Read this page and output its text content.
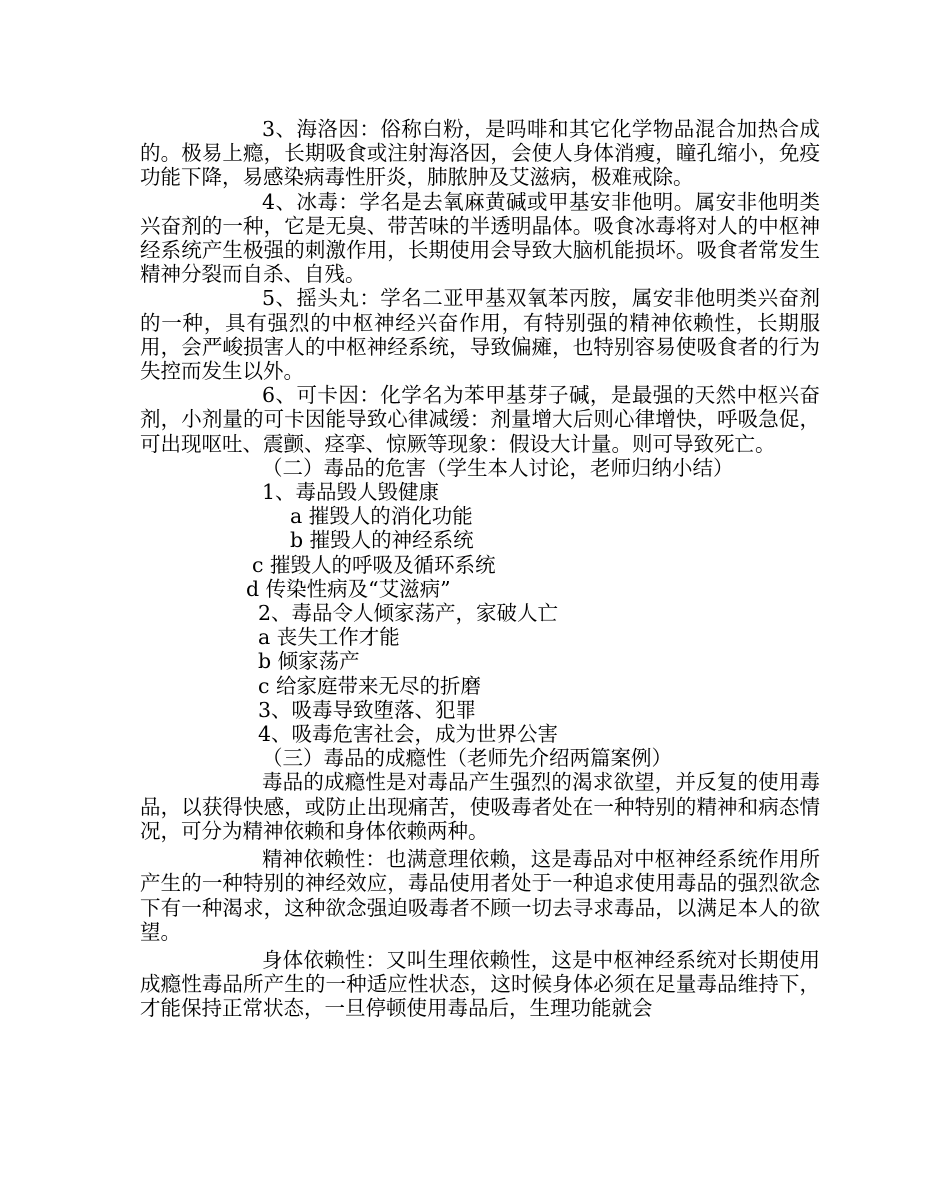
3、海洛因：俗称白粉，是吗啡和其它化学物品混合加热合成的。极易上瘾，长期吸食或注射海洛因，会使人身体消瘦，瞳孔缩小，免疫功能下降，易感染病毒性肝炎，肺脓肿及艾滋病，极难戒除。

4、冰毒：学名是去氧麻黄碱或甲基安非他明。属安非他明类兴奋剂的一种，它是无臭、带苦味的半透明晶体。吸食冰毒将对人的中枢神经系统产生极强的刺激作用，长期使用会导致大脑机能损坏。吸食者常发生精神分裂而自杀、自残。

5、摇头丸：学名二亚甲基双氧苯丙胺，属安非他明类兴奋剂的一种，具有强烈的中枢神经兴奋作用，有特别强的精神依赖性，长期服用，会严峻损害人的中枢神经系统，导致偏瘫，也特别容易使吸食者的行为失控而发生以外。

6、可卡因：化学名为苯甲基芽子碱，是最强的天然中枢兴奋剂，小剂量的可卡因能导致心律减缓：剂量增大后则心律增快，呼吸急促，可出现呕吐、震颤、痉挛、惊厥等现象：假设大计量。则可导致死亡。

（二）毒品的危害（学生本人讨论，老师归纳小结）

1、毒品毁人毁健康

a 摧毁人的消化功能

b 摧毁人的神经系统

c 摧毁人的呼吸及循环系统

d 传染性病及“艾滋病”

2、毒品令人倾家荡产，家破人亡

a 丧失工作才能

b 倾家荡产

c 给家庭带来无尽的折磨

3、吸毒导致堕落、犯罪

4、吸毒危害社会，成为世界公害

（三）毒品的成瘾性（老师先介绍两篇案例）

毒品的成瘾性是对毒品产生强烈的渴求欲望，并反复的使用毒品，以获得快感，或防止出现痛苦，使吸毒者处在一种特别的精神和病态情况，可分为精神依赖和身体依赖两种。

精神依赖性：也满意理依赖，这是毒品对中枢神经系统作用所产生的一种特别的神经效应，毒品使用者处于一种追求使用毒品的强烈欲念下有一种渴求，这种欲念强迫吸毒者不顾一切去寻求毒品，以满足本人的欲望。

身体依赖性：又叫生理依赖性，这是中枢神经系统对长期使用成瘾性毒品所产生的一种适应性状态，这时候身体必须在足量毒品维持下，才能保持正常状态，一旦停顿使用毒品后，生理功能就会
